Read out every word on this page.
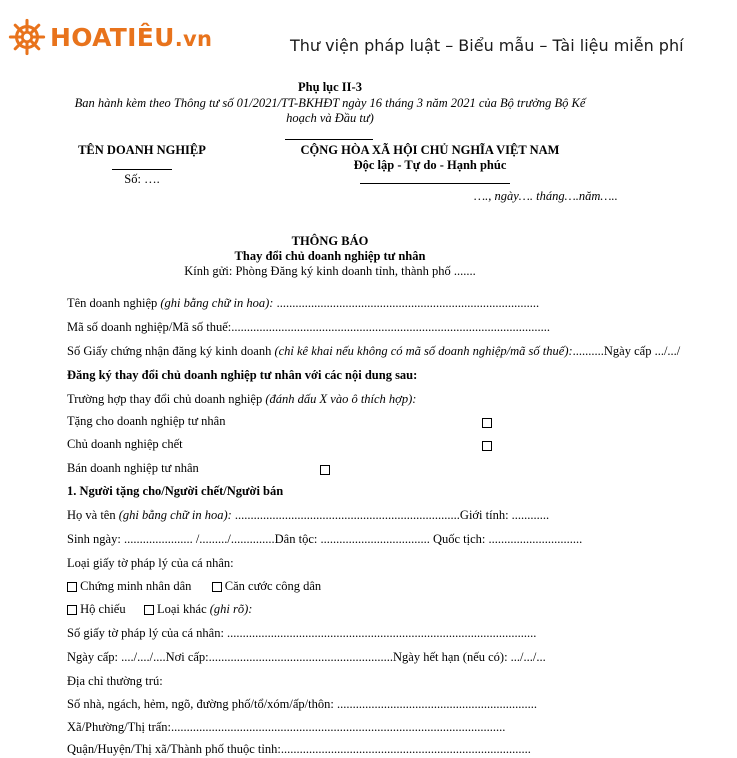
HOATIÊU.vn	Thư viện pháp luật – Biểu mẫu – Tài liệu miễn phí
Phụ lục II-3
Ban hành kèm theo Thông tư số 01/2021/TT-BKHĐT ngày 16 tháng 3 năm 2021 của Bộ trưởng Bộ Kế
hoạch và Đầu tư)
TÊN DOANH NGHIỆP
Số: ….
CỘNG HÒA XÃ HỘI CHỦ NGHĨA VIỆT NAM
Độc lập - Tự do - Hạnh phúc
…., ngày…. tháng….năm…..
THÔNG BÁO
Thay đổi chủ doanh nghiệp tư nhân
Kính gửi: Phòng Đăng ký kinh doanh tỉnh, thành phố .......
Tên doanh nghiệp (ghi bằng chữ in hoa): ....................................................................................
Mã số doanh nghiệp/Mã số thuế:......................................................................................................
Số Giấy chứng nhận đăng ký kinh doanh (chỉ kê khai nếu không có mã số doanh nghiệp/mã số thuế):..........Ngày cấp .../.../
Đăng ký thay đổi chủ doanh nghiệp tư nhân với các nội dung sau:
Trường hợp thay đổi chủ doanh nghiệp (đánh dấu X vào ô thích hợp):
Tặng cho doanh nghiệp tư nhân
Chủ doanh nghiệp chết
Bán doanh nghiệp tư nhân
1. Người tặng cho/Người chết/Người bán
Họ và tên (ghi bằng chữ in hoa): ........................................................................Giới tính: ............
Sinh ngày: ...................... /........./..............Dân tộc: ................................... Quốc tịch: ..............................
Loại giấy tờ pháp lý của cá nhân:
Chứng minh nhân dân	Căn cước công dân
Hộ chiếu	Loại khác (ghi rõ):
Số giấy tờ pháp lý của cá nhân: ...................................................................................................
Ngày cấp: ..../..../....Nơi cấp:...........................................................Ngày hết hạn (nếu có): .../.../...
Địa chỉ thường trú:
Số nhà, ngách, hẻm, ngõ, đường phố/tổ/xóm/ấp/thôn: ................................................................
Xã/Phường/Thị trấn:...........................................................................................................
Quận/Huyện/Thị xã/Thành phố thuộc tỉnh:................................................................................
